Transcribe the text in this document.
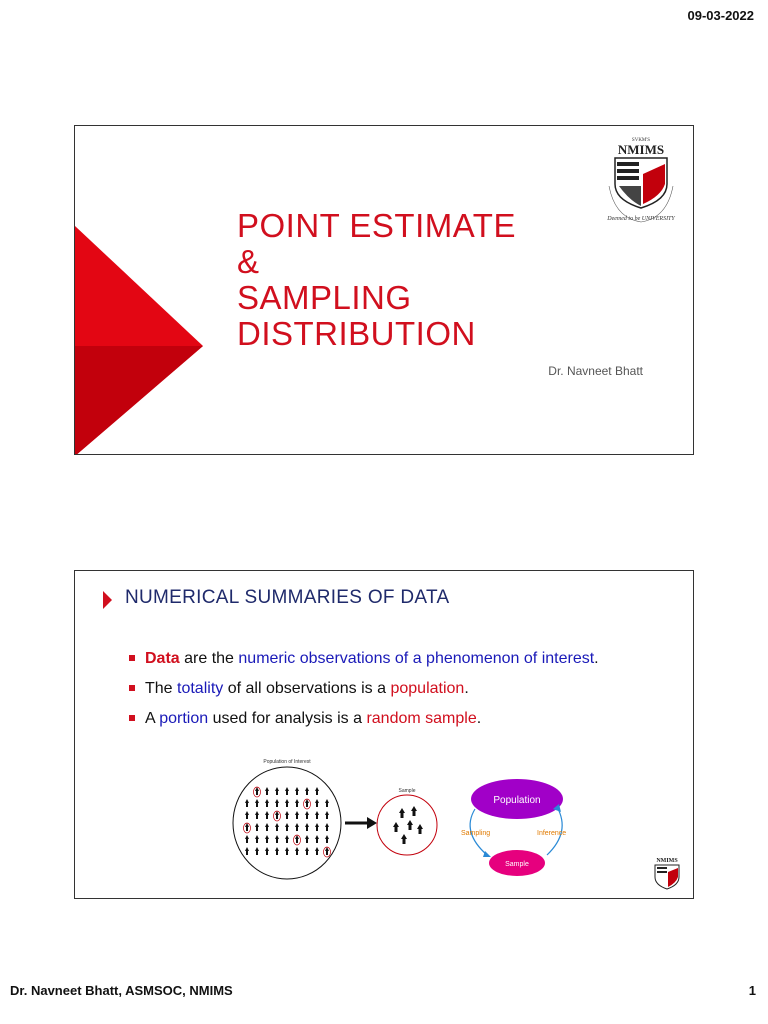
09-03-2022
POINT ESTIMATE
&
SAMPLING
DISTRIBUTION
Dr. Navneet Bhatt
SVKM'S
NMIMS
Deemed to be UNIVERSITY
NUMERICAL SUMMARIES OF DATA
Data are the numeric observations of a phenomenon of interest.
The totality of all observations is a population.
A portion used for analysis is a random sample.
Population of Interest
Sample
Population
Sample
Sampling	Inference
NMIMS
Dr. Navneet Bhatt, ASMSOC, NMIMS	1
